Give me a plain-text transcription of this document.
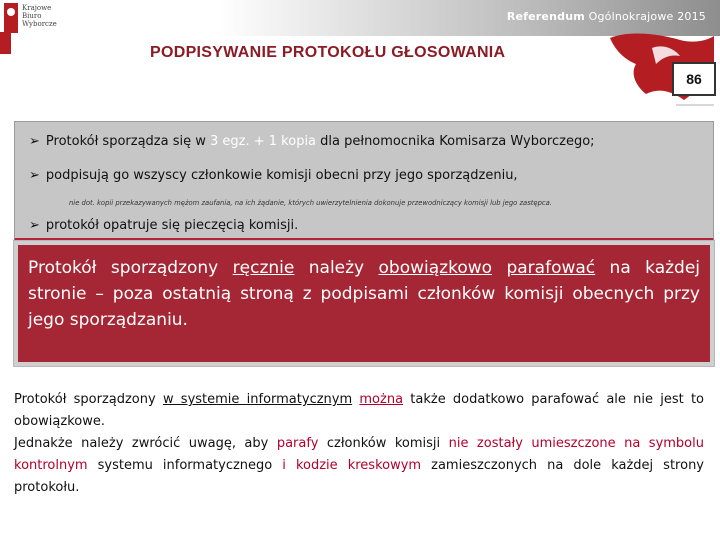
Krajowe
Biuro
Wyborcze
Referendum Ogólnokrajowe 2015
PODPISYWANIE PROTOKOŁU GŁOSOWANIA
86
➢ Protokół sporządza się w 3 egz. + 1 kopia dla pełnomocnika Komisarza Wyborczego;
➢ podpisują go wszyscy członkowie komisji obecni przy jego sporządzeniu,
nie dot. kopii przekazywanych mężom zaufania, na ich żądanie, których uwierzytelnienia dokonuje przewodniczący komisji lub jego zastępca.
➢ protokół opatruje się pieczęcią komisji.
Protokół sporządzony ręcznie należy obowiązkowo parafować na każdej stronie – poza ostatnią stroną z podpisami członków komisji obecnych przy jego sporządzaniu.
Protokół sporządzony w systemie informatycznym można także dodatkowo parafować ale nie jest to obowiązkowe.
Jednakże należy zwrócić uwagę, aby parafy członków komisji nie zostały umieszczone na symbolu kontrolnym systemu informatycznego i kodzie kreskowym zamieszczonych na dole każdej strony protokołu.
